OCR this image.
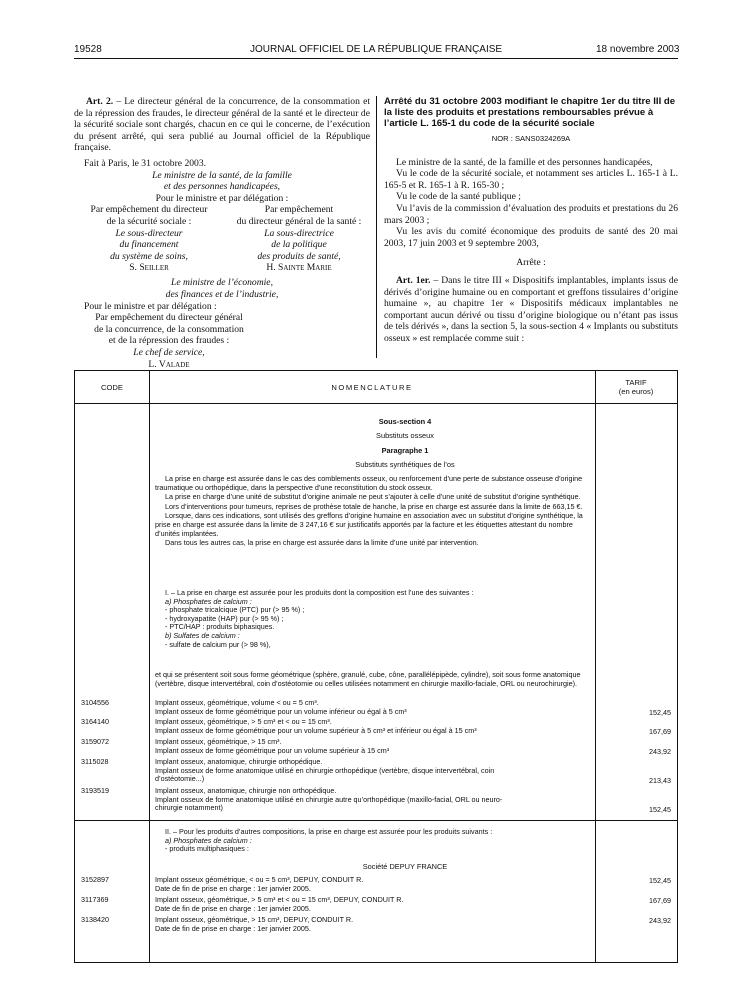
19528	JOURNAL OFFICIEL DE LA RÉPUBLIQUE FRANÇAISE	18 novembre 2003

Art. 2. – Le directeur général de la concurrence, de la consommation et de la répression des fraudes, le directeur général de la santé et le directeur de la sécurité sociale sont chargés, chacun en ce qui le concerne, de l’exécution du présent arrêté, qui sera publié au Journal officiel de la République française.

Fait à Paris, le 31 octobre 2003.

Le ministre de la santé, de la famille

et des personnes handicapées,

Pour le ministre et par délégation :

Par empêchement du directeur
de la sécurité sociale :
Le sous-directeur
du financement
du système de soins,
S. Seiller
Par empêchement
du directeur général de la santé :
La sous-directrice
de la politique
des produits de santé,
H. Sainte Marie

Le ministre de l’économie,

des finances et de l’industrie,

Pour le ministre et par délégation :

Par empêchement du directeur général
de la concurrence, de la consommation
et de la répression des fraudes :
Le chef de service,
L. Valade

Arrêté du 31 octobre 2003 modifiant le chapitre 1er du titre III de la liste des produits et prestations remboursables prévue à l’article L. 165-1 du code de la sécurité sociale

NOR : SANS0324269A

Le ministre de la santé, de la famille et des personnes handicapées,

Vu le code de la sécurité sociale, et notamment ses articles L. 165-1 à L. 165-5 et R. 165-1 à R. 165-30 ;

Vu le code de la santé publique ;

Vu l’avis de la commission d’évaluation des produits et prestations du 26 mars 2003 ;

Vu les avis du comité économique des produits de santé des 20 mai 2003, 17 juin 2003 et 9 septembre 2003,

Arrête :

Art. 1er. – Dans le titre III « Dispositifs implantables, implants issus de dérivés d’origine humaine ou en comportant et greffons tissulaires d’origine humaine », au chapitre 1er « Dispositifs médicaux implantables ne comportant aucun dérivé ou tissu d’origine biologique ou n’étant pas issus de tels dérivés », dans la section 5, la sous-section 4 « Implants ou substituts osseux » est remplacée comme suit :

CODE	NOMENCLATURE	TARIF
(en euros)
Sous-section 4
Substituts osseux
Paragraphe 1
Substituts synthétiques de l’os
La prise en charge est assurée dans le cas des comblements osseux, ou renforcement d’une perte de substance osseuse d’origine traumatique ou orthopédique, dans la perspective d’une reconstitution du stock osseux.
La prise en charge d’une unité de substitut d’origine animale ne peut s’ajouter à celle d’une unité de substitut d’origine synthétique.
Lors d’interventions pour tumeurs, reprises de prothèse totale de hanche, la prise en charge est assurée dans la limite de 663,15 €.
Lorsque, dans ces indications, sont utilisés des greffons d’origine humaine en association avec un substitut d’origine synthétique, la prise en charge est assurée dans la limite de 3 247,16 € sur justificatifs apportés par la facture et les étiquettes attestant du nombre d’unités implantées.
Dans tous les autres cas, la prise en charge est assurée dans la limite d’une unité par intervention.
I. – La prise en charge est assurée pour les produits dont la composition est l’une des suivantes :
a) Phosphates de calcium :
- phosphate tricalcique (PTC) pur (> 95 %) ;
- hydroxyapatite (HAP) pur (> 95 %) ;
- PTC/HAP : produits biphasiques.
b) Sulfates de calcium :
- sulfate de calcium pur (> 98 %),
et qui se présentent soit sous forme géométrique (sphère, granulé, cube, cône, parallélépipède, cylindre), soit sous forme anatomique (vertèbre, disque intervertébral, coin d’ostéotomie ou celles utilisées notamment en chirurgie maxillo-faciale, ORL ou neurochirurgie).
3104556	Implant osseux, géométrique, volume < ou = 5 cm³.
Implant osseux de forme géométrique pour un volume inférieur ou égal à 5 cm³	152,45
3164140	Implant osseux, géométrique, > 5 cm³ et < ou = 15 cm³.
Implant osseux de forme géométrique pour un volume supérieur à 5 cm³ et inférieur ou égal à 15 cm³	167,69
3159072	Implant osseux, géométrique, > 15 cm³.
Implant osseux de forme géométrique pour un volume supérieur à 15 cm³	243,92
3115028	Implant osseux, anatomique, chirurgie orthopédique.
Implant osseux de forme anatomique utilisé en chirurgie orthopédique (vertèbre, disque intervertébral, coin
d’ostéotomie...)	213,43
3193519	Implant osseux, anatomique, chirurgie non orthopédique.
Implant osseux de forme anatomique utilisé en chirurgie autre qu’orthopédique (maxillo-facial, ORL ou neuro-
chirurgie notamment)	152,45
II. – Pour les produits d’autres compositions, la prise en charge est assurée pour les produits suivants :
a) Phosphates de calcium :
- produits multiphasiques :
Société DEPUY FRANCE
3152897	Implant osseux géométrique, < ou = 5 cm³, DEPUY, CONDUIT R.
Date de fin de prise en charge : 1er janvier 2005.
152,45
3117369	Implant osseux, géométrique, > 5 cm³ et < ou = 15 cm³, DEPUY, CONDUIT R.
Date de fin de prise en charge : 1er janvier 2005.
167,69
3138420	Implant osseux, géométrique, > 15 cm³, DEPUY, CONDUIT R.
Date de fin de prise en charge : 1er janvier 2005.
243,92
